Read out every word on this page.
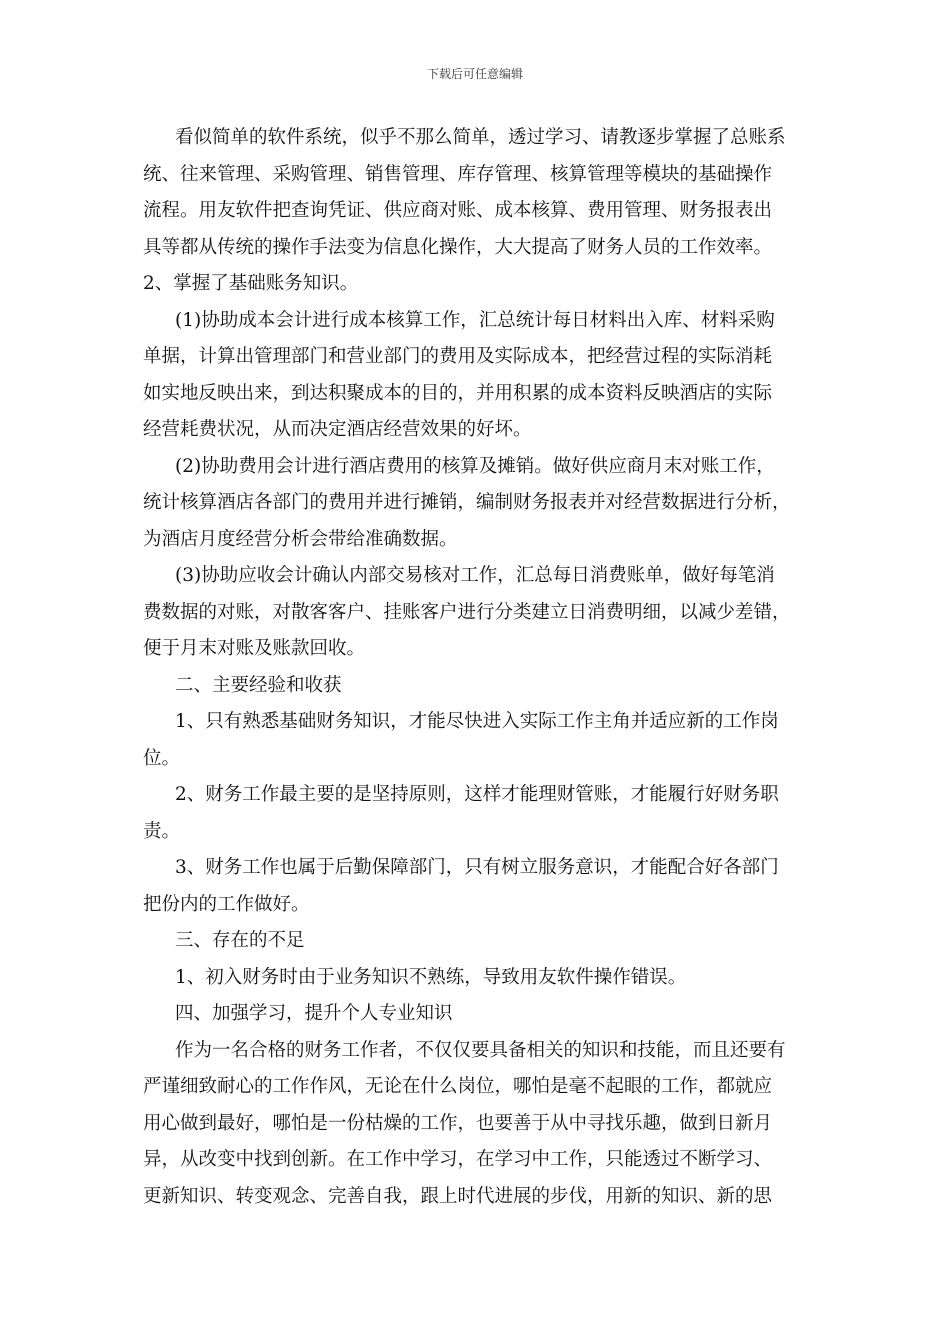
下载后可任意编辑

看似简单的软件系统，似乎不那么简单，透过学习、请教逐步掌握了总账系
统、往来管理、采购管理、销售管理、库存管理、核算管理等模块的基础操作
流程。用友软件把查询凭证、供应商对账、成本核算、费用管理、财务报表出
具等都从传统的操作手法变为信息化操作，大大提高了财务人员的工作效率。

2、掌握了基础账务知识。

(1)协助成本会计进行成本核算工作，汇总统计每日材料出入库、材料采购
单据，计算出管理部门和营业部门的费用及实际成本，把经营过程的实际消耗
如实地反映出来，到达积聚成本的目的，并用积累的成本资料反映酒店的实际
经营耗费状况，从而决定酒店经营效果的好坏。

(2)协助费用会计进行酒店费用的核算及摊销。做好供应商月末对账工作，
统计核算酒店各部门的费用并进行摊销，编制财务报表并对经营数据进行分析，
为酒店月度经营分析会带给准确数据。

(3)协助应收会计确认内部交易核对工作，汇总每日消费账单，做好每笔消
费数据的对账，对散客客户、挂账客户进行分类建立日消费明细，以减少差错，
便于月末对账及账款回收。

二、主要经验和收获

1、只有熟悉基础财务知识，才能尽快进入实际工作主角并适应新的工作岗
位。

2、财务工作最主要的是坚持原则，这样才能理财管账，才能履行好财务职
责。

3、财务工作也属于后勤保障部门，只有树立服务意识，才能配合好各部门
把份内的工作做好。

三、存在的不足

1、初入财务时由于业务知识不熟练，导致用友软件操作错误。

四、加强学习，提升个人专业知识

作为一名合格的财务工作者，不仅仅要具备相关的知识和技能，而且还要有
严谨细致耐心的工作作风，无论在什么岗位，哪怕是毫不起眼的工作，都就应
用心做到最好，哪怕是一份枯燥的工作，也要善于从中寻找乐趣，做到日新月
异，从改变中找到创新。在工作中学习，在学习中工作，只能透过不断学习、
更新知识、转变观念、完善自我，跟上时代进展的步伐，用新的知识、新的思
